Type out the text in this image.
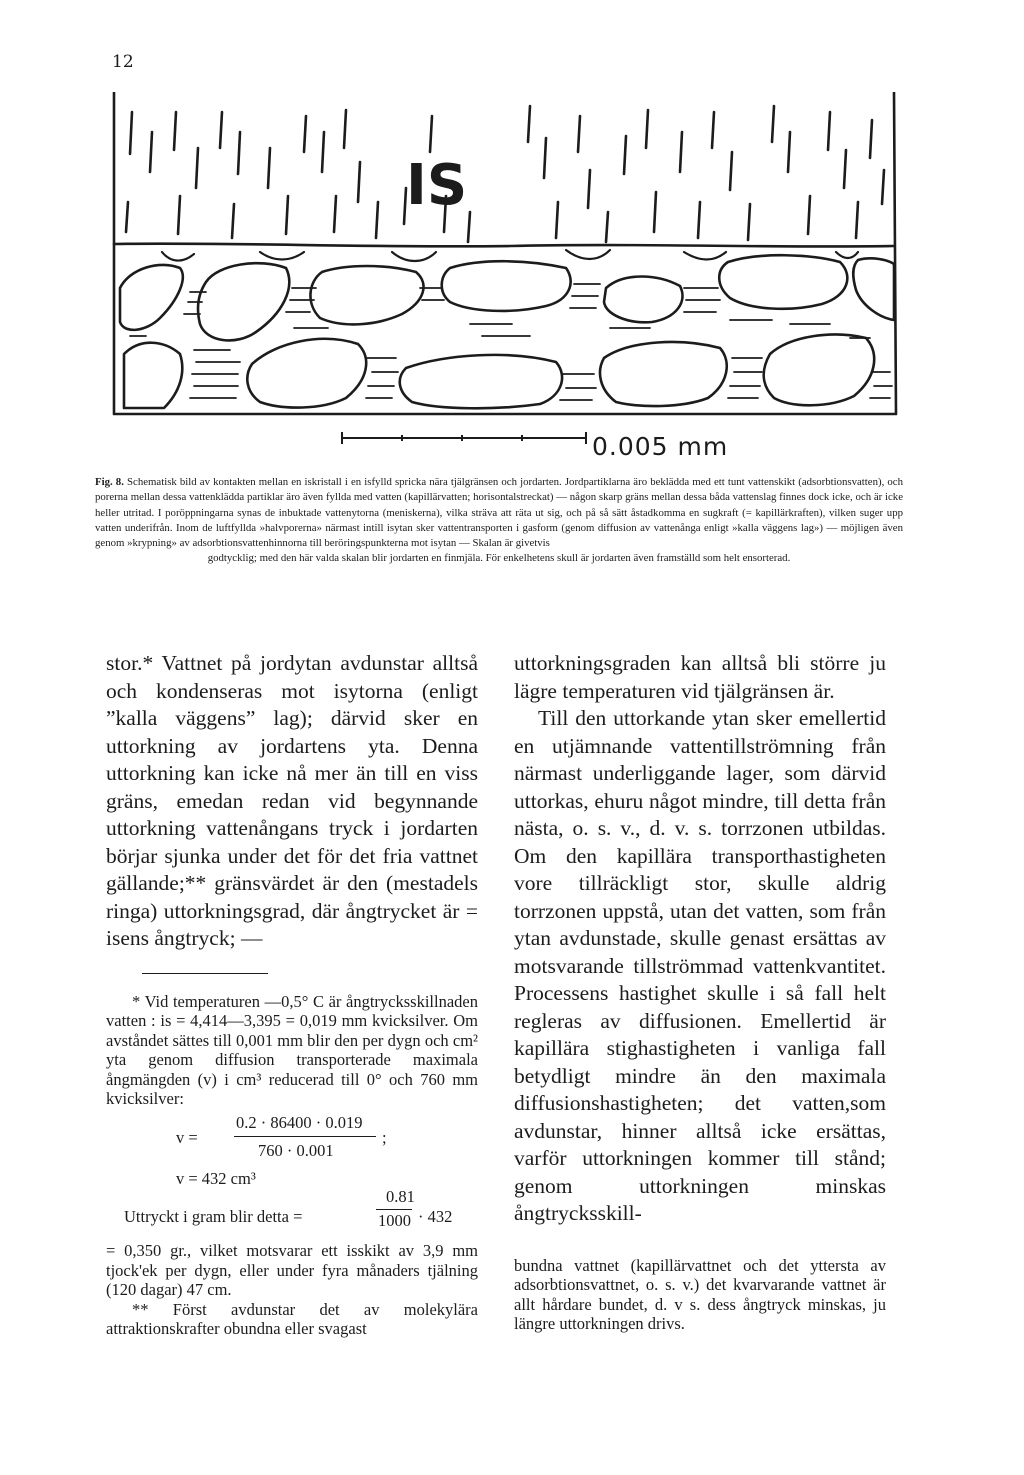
12
IS
0.005 mm

Fig. 8. Schematisk bild av kontakten mellan en iskristall i en isfylld spricka nära tjälgränsen och jordarten. Jordpartiklarna äro beklädda med ett tunt vattenskikt (adsorbtionsvatten), och porerna mellan dessa vattenklädda partiklar äro även fyllda med vatten (kapillärvatten; horisontalstreckat) — någon skarp gräns mellan dessa båda vattenslag finnes dock icke, och är icke heller utritad. I poröppningarna synas de inbuktade vattenytorna (meniskerna), vilka sträva att räta ut sig, och på så sätt åstadkomma en sugkraft (= kapillärkraften), vilken suger upp vatten underifrån. Inom de luftfyllda »halvporerna» närmast intill isytan sker vattentransporten i gasform (genom diffusion av vattenånga enligt »kalla väggens lag») — möjligen även genom »krypning» av adsorbtionsvattenhinnorna till beröringspunkterna mot isytan — Skalan är givetvis

godtycklig; med den här valda skalan blir jordarten en finmjäla. För enkelhetens skull är jordarten även framställd som helt ensorterad.

stor.* Vattnet på jordytan avdunstar alltså och kondenseras mot isytorna (enligt ”kalla väggens” lag); därvid sker en uttorkning av jordartens yta. Denna uttorkning kan icke nå mer än till en viss gräns, emedan redan vid begynnande uttorkning vattenångans tryck i jordarten börjar sjunka under det för det fria vattnet gällande;** gränsvärdet är den (mestadels ringa) uttorkningsgrad, där ångtrycket är = isens ångtryck; —

* Vid temperaturen —0,5° C är ångtrycksskillnaden vatten : is = 4,414—3,395 = 0,019 mm kvicksilver. Om avståndet sättes till 0,001 mm blir den per dygn och cm² yta genom diffusion transporterade maximala ångmängden (v) i cm³ reducerad till 0° och 760 mm kvicksilver:

v =
0.2 · 86400 · 0.019
760 · 0.001
;

v = 432 cm³

Uttryckt i gram blir detta =
0.81
1000 · 432

= 0,350 gr., vilket motsvarar ett isskikt av 3,9 mm tjock'ek per dygn, eller under fyra månaders tjälning (120 dagar) 47 cm.

** Först avdunstar det av molekylära attraktionskrafter obundna eller svagast

uttorkningsgraden kan alltså bli större ju lägre temperaturen vid tjälgränsen är.

Till den uttorkande ytan sker emellertid en utjämnande vattentillströmning från närmast underliggande lager, som därvid uttorkas, ehuru något mindre, till detta från nästa, o. s. v., d. v. s. torrzonen utbildas. Om den kapillära transporthastigheten vore tillräckligt stor, skulle aldrig torrzonen uppstå, utan det vatten, som från ytan avdunstade, skulle genast ersättas av motsvarande tillströmmad vattenkvantitet. Processens hastighet skulle i så fall helt regleras av diffusionen. Emellertid är kapillära stighastigheten i vanliga fall betydligt mindre än den maximala diffusionshastigheten; det vatten,som avdunstar, hinner alltså icke ersättas, varför uttorkningen kommer till stånd; genom uttorkningen minskas ångtrycksskill-

bundna vattnet (kapillärvattnet och det yttersta av adsorbtionsvattnet, o. s. v.) det kvarvarande vattnet är allt hårdare bundet, d. v s. dess ångtryck minskas, ju längre uttorkningen drivs.
